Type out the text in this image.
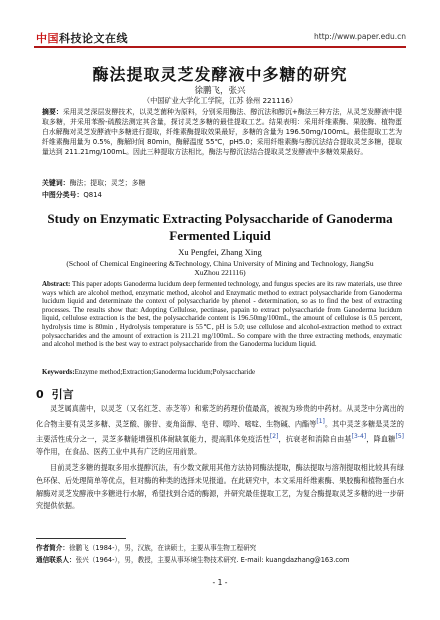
中国科技论文在线	http://www.paper.edu.cn
酶法提取灵芝发酵液中多糖的研究
徐鹏飞，张兴
（中国矿业大学化工学院，江苏 徐州 221116）
摘要：采用灵芝深层发酵技术，以灵芝菌种为原料，分别采用酶法、醇沉法和醇沉+酶法三种方法，从灵芝发酵液中提取多糖，并采用苯酚-硫酸法测定其含量，探讨灵芝多糖的最佳提取工艺。结果表明：采用纤维素酶、果胶酶、植物蛋白水解酶对灵芝发酵液中多糖进行提取，纤维素酶提取效果最好，多糖的含量为 196.50mg/100mL。最佳提取工艺为纤维素酶用量为 0.5%，酶解时间 80min，酶解温度 55℃，pH5.0；采用纤维素酶与醇沉法结合提取灵芝多糖，提取量达到 211.21mg/100mL。因此三种提取方法相比，酶法与醇沉法结合提取灵芝发酵液中多糖效果最好。
关键词：酶法；提取；灵芝；多糖
中图分类号：Q814
Study on Enzymatic Extracting Polysaccharide of Ganoderma Fermented Liquid
Xu Pengfei, Zhang Xing
(School of Chemical Engineering &Technology, China University of Mining and Technology, JiangSu XuZhou 221116)
Abstract: This paper adopts Ganoderma lucidum deep fermented technology, and fungus species are its raw materials, use three ways which are alcohol method, enzymatic method, alcohol and Enzymatic method to extract polysaccharide from Ganoderma lucidum liquid and determinate the context of polysaccharide by phenol - determination, so as to find the best of extracting processes. The results show that: Adopting Cellulose, pectinase, papain to extract polysaccharide from Ganoderma lucidum liquid, cellulose extraction is the best, the polysaccharide content is 196.50mg/100mL, the amount of cellulose is 0.5 percent, hydrolysis time is 80min , Hydrolysis temperature is 55℃, pH is 5.0; use cellulose and alcohol-extraction method to extract polysaccharides and the amount of extraction is 211.21 mg/100mL. So compare with the three extracting methods, enzymatic and alcohol method is the best way to extract polysaccharide from the Ganoderma lucidum liquid.
Keywords:Enzyme method;Extraction;Ganoderma lucidum;Polysaccharide
0 引言
灵芝属真菌中，以灵芝（又名红芝、赤芝等）和紫芝的药理价值最高，被视为珍贵的中药材。从灵芝中分离出的化合物主要有灵芝多糖、灵芝酸、腺苷、麦角甾醇、皂苷、嘌呤、嘧啶、生物碱、内酯等[1]。其中灵芝多糖是灵芝的主要活性成分之一，灵芝多糖能增强机体耐缺氧能力，提高肌体免疫活性[2]，抗衰老和消除自由基[3-4]，降血糖[5]等作用，在食品、医药工业中具有广泛的应用前景。
目前灵芝多糖的提取多用水提醇沉法，有少数文献用其他方法协同酶法提取，酶法提取与溶剂提取相比较具有绿色环保、后处理简单等优点，但对酶的种类的选择未见报道。在此研究中，本文采用纤维素酶、果胶酶和植物蛋白水解酶对灵芝发酵液中多糖进行水解，希望找到合适的酶源，并研究最佳提取工艺，为复合酶提取灵芝多糖的进一步研究提供依据。
作者简介：徐鹏飞（1984-），男，汉族，在读硕士，主要从事生物工程研究
通信联系人：张兴（1964-），男，教授，主要从事环境生物技术研究. E-mail: kuangdazhang@163.com
- 1 -
